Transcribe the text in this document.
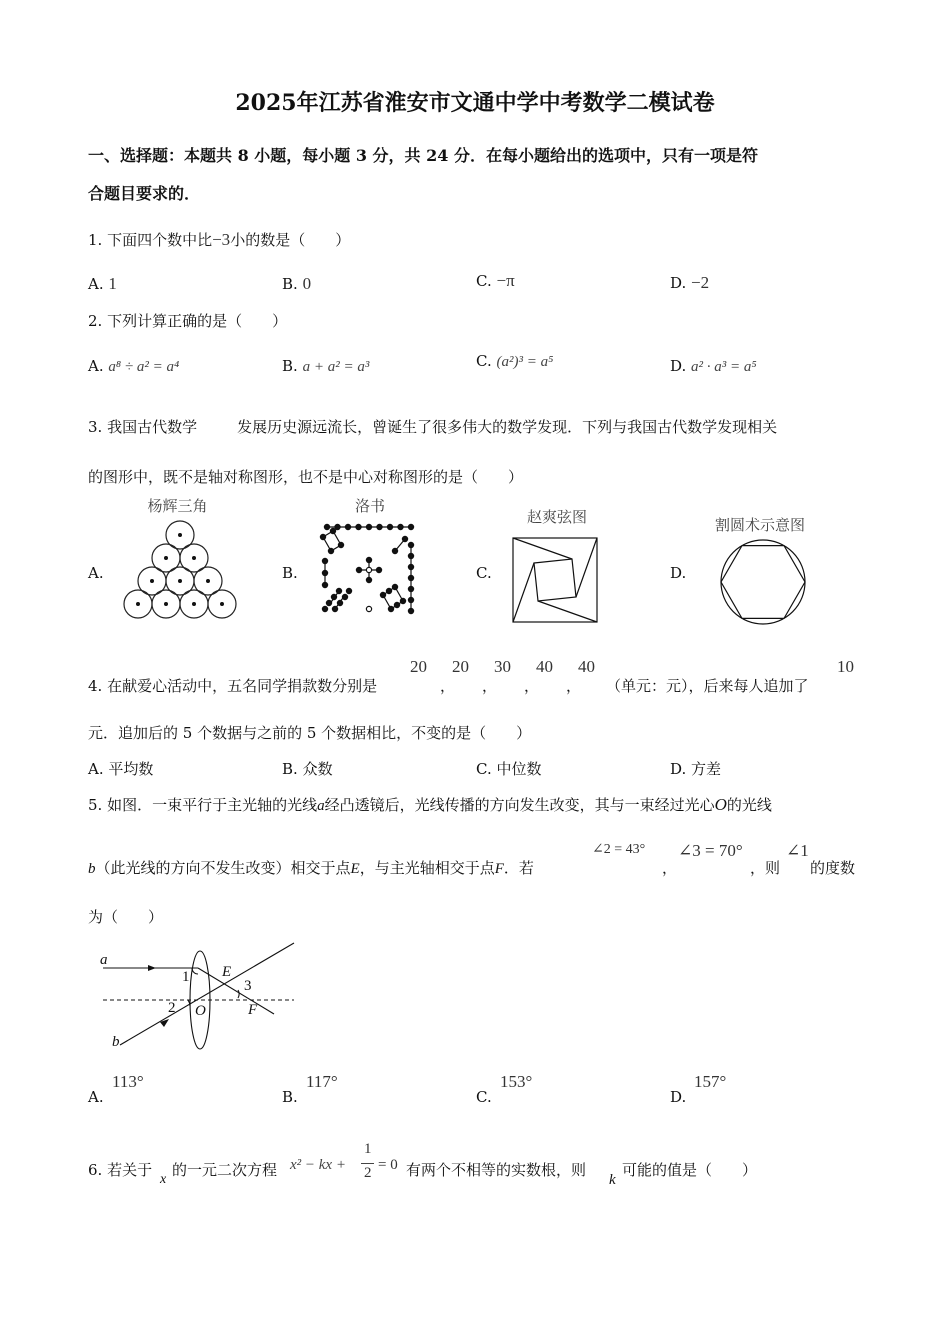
2025年江苏省淮安市文通中学中考数学二模试卷
一、选择题：本题共 8 小题，每小题 3 分，共 24 分．在每小题给出的选项中，只有一项是符
合题目要求的．
1. 下面四个数中比−3小的数是（　　）
A. 1	B. 0	C. −π	D. −2
2. 下列计算正确的是（　　）
A. a⁸ ÷ a² = a⁴	B. a + a² = a³	C. (a²)³ = a⁵	D. a² · a³ = a⁵
3. 我国古代数学	发展历史源远流长，曾诞生了很多伟大的数学发现．下列与我国古代数学发现相关
的图形中，既不是轴对称图形，也不是中心对称图形的是（　　）
杨辉三角	洛书
赵爽弦图	割圆术示意图
A.	B.	C.	D.
4. 在献爱心活动中，五名同学捐款数分别是
20
，
20
，
30
，
40
，
40
（单元：元），后来每人追加了
10
元．追加后的 5 个数据与之前的 5 个数据相比，不变的是（　　）
A. 平均数	B. 众数	C. 中位数	D. 方差
5. 如图．一束平行于主光轴的光线a经凸透镜后，光线传播的方向发生改变，其与一束经过光心O的光线
b（此光线的方向不发生改变）相交于点E，与主光轴相交于点F．若
∠2 = 43°
，
∠3 = 70°
，则
∠1
的度数
为（　　）
a
1 E
3
2 O	F
b
A.
113°
B.
117°
C.
153°
D.
157°
6. 若关于
x
的一元二次方程 x² − kx +
1
2 = 0 有两个不相等的实数根，则
k
可能的值是（　　）
